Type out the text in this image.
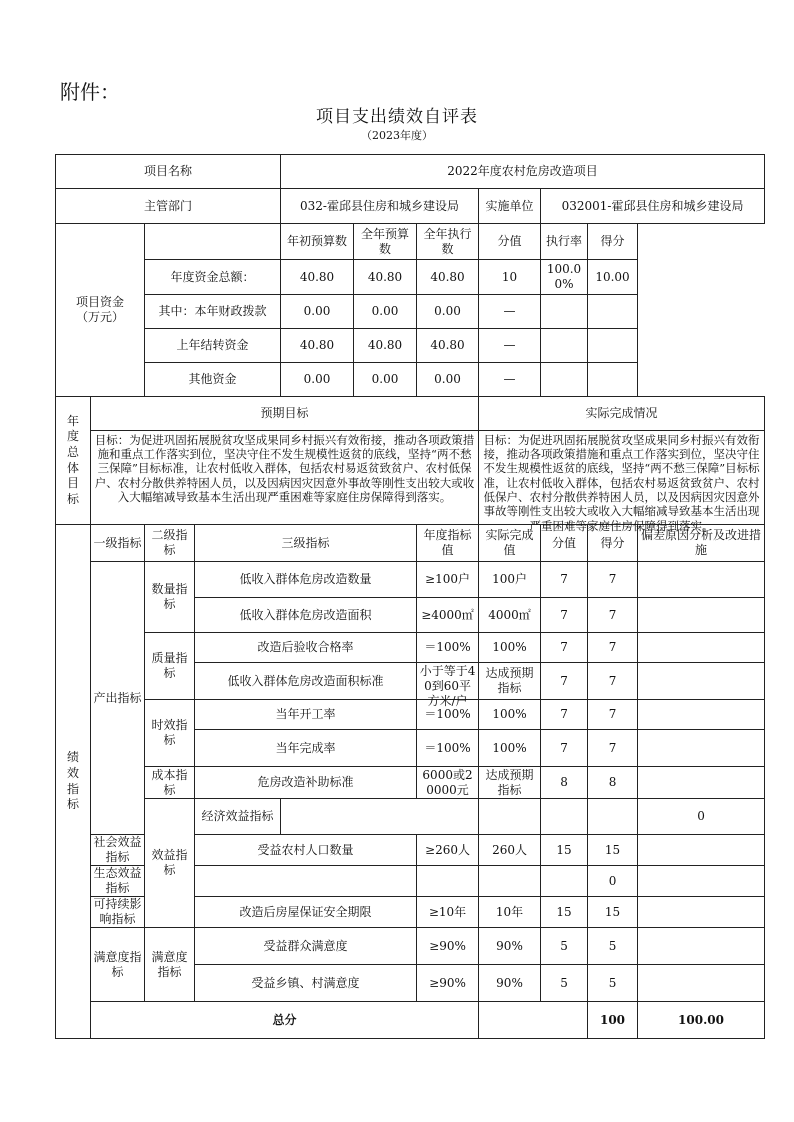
附件：
项目支出绩效自评表
（2023年度）
项目名称				2022年度农村危房改造项目							
主管部门				032-霍邱县住房和城乡建设局			实施单位	032001-霍邱县住房和城乡建设局			
项目资金
（万元）				年初预算数	全年预算数	全年执行数	分值	执行率	得分		
		年度资金总额：		40.80	40.80	40.80	10	100.00%	10.00		
		其中：本年财政拨款		0.00	0.00	0.00	—				
		上年结转资金		40.80	40.80	40.80	—				
		其他资金		0.00	0.00	0.00	—				
年度总体目标	预期目标						实际完成情况				

	目标：为促进巩固拓展脱贫攻坚成果同乡村振兴有效衔接，推动各项政策措施和重点工作落实到位，坚决守住不发生规模性返贫的底线，坚持“两不愁三保障”目标标准，让农村低收入群体，包括农村易返贫致贫户、农村低保户、农村分散供养特困人员，以及因病因灾因意外事故等刚性支出较大或收入大幅缩减导致基本生活出现严重困难等家庭住房保障得到落实。						目标：为促进巩固拓展脱贫攻坚成果同乡村振兴有效衔接，推动各项政策措施和重点工作落实到位，坚决守住不发生规模性返贫的底线，坚持“两不愁三保障”目标标准，让农村低收入群体，包括农村易返贫致贫户、农村低保户、农村分散供养特困人员，以及因病因灾因意外事故等刚性支出较大或收入大幅缩减导致基本生活出现严重困难等家庭住房保障得到落实。				

绩效指标	一级指标	二级指标	三级指标			年度指标值	实际完成值	分值	得分	偏差原因分析及改进措施	
	产出指标	数量指标	低收入群体危房改造数量			≥100户	100户	7	7		
			低收入群体危房改造面积			≥4000㎡	4000㎡	7	7		
		质量指标	改造后验收合格率			＝100%	100%	7	7		
			低收入群体危房改造面积标准			小于等于40到60平方米/户	达成预期指标	7	7		
		时效指标	当年开工率			＝100%	100%	7	7		
			当年完成率			＝100%	100%	7	7		
		成本指标	危房改造补助标准			6000或20000元	达成预期指标	8	8		
		效益指标	经济效益指标							0	
	社会效益指标		受益农村人口数量			≥260人	260人	15	15		
	生态效益指标								0		
	可持续影响指标		改造后房屋保证安全期限			≥10年	10年	15	15		
	满意度指标	满意度指标	受益群众满意度			≥90%	90%	5	5		
			受益乡镇、村满意度			≥90%	90%	5	5		
	总分								100	100.00	
